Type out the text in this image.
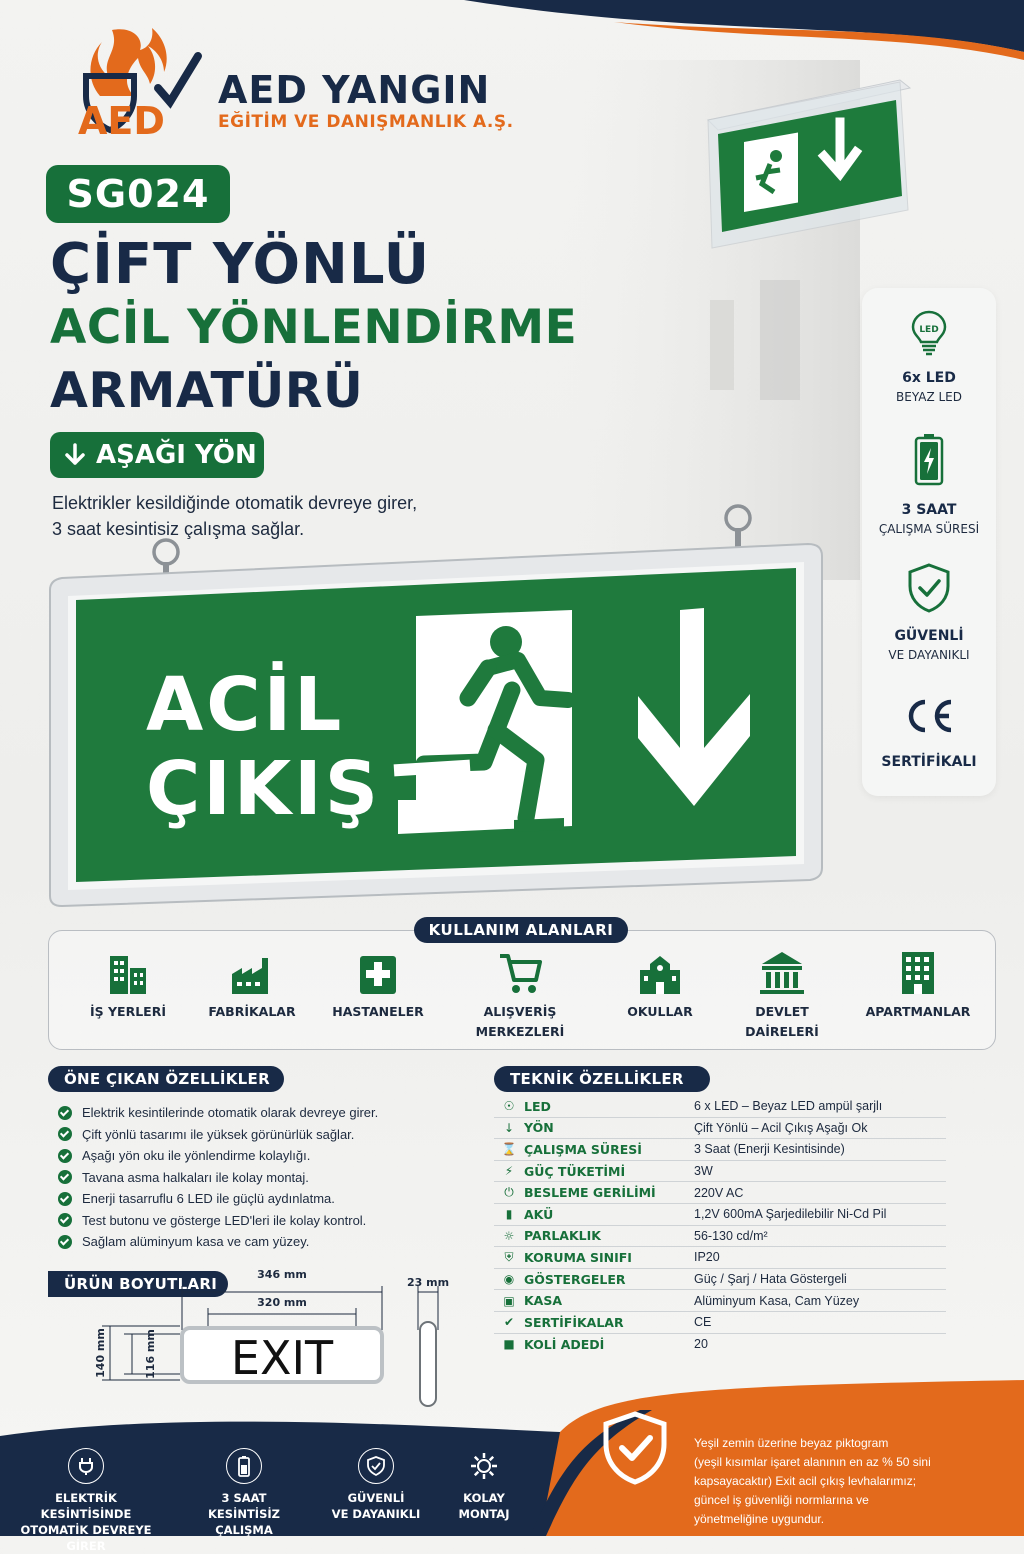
AED
AED YANGIN
EĞİTİM VE DANIŞMANLIK A.Ş.
SG024
ÇİFT YÖNLÜ
ACİL YÖNLENDİRME
ARMATÜRÜ
AŞAĞI YÖN
Elektrikler kesildiğinde otomatik devreye girer,
3 saat kesintisiz çalışma sağlar.
LED
6x LED
BEYAZ LED
3 SAAT
ÇALIŞMA SÜRESİ
GÜVENLİ
VE DAYANIKLI
SERTİFİKALI
ACİL
ÇIKIŞ
KULLANIM ALANLARI
İŞ YERLERİ	FABRİKALAR	HASTANELER	ALIŞVERİŞ
MERKEZLERİ
OKULLAR	DEVLET
DAİRELERİ
APARTMANLAR
ÖNE ÇIKAN ÖZELLİKLER
Elektrik kesintilerinde otomatik olarak devreye girer.
Çift yönlü tasarımı ile yüksek görünürlük sağlar.
Aşağı yön oku ile yönlendirme kolaylığı.
Tavana asma halkaları ile kolay montaj.
Enerji tasarruflu 6 LED ile güçlü aydınlatma.
Test butonu ve gösterge LED'leri ile kolay kontrol.
Sağlam alüminyum kasa ve cam yüzey.
TEKNİK ÖZELLİKLER
☉ LED	6 x LED – Beyaz LED ampül şarjlı
↓ YÖN	Çift Yönlü – Acil Çıkış Aşağı Ok
⌛ ÇALIŞMA SÜRESİ	3 Saat (Enerji Kesintisinde)
⚡ GÜÇ TÜKETİMİ	3W
⏻ BESLEME GERİLİMİ	220V AC
▮ AKÜ	1,2V 600mA Şarjedilebilir Ni-Cd Pil
☼ PARLAKLIK	56-130 cd/m²
⛨ KORUMA SINIFI	IP20
◉ GÖSTERGELER	Güç / Şarj / Hata Göstergeli
▣ KASA	Alüminyum Kasa, Cam Yüzey
✔ SERTİFİKALAR	CE
■ KOLİ ADEDİ	20
ÜRÜN BOYUTLARI
346 mm
320 mm
23 mm
140 mm	116 mm EXIT
ELEKTRİK KESİNTİSİNDE
OTOMATİK DEVREYE GİRER
3 SAAT
KESİNTİSİZ ÇALIŞMA
GÜVENLİ
VE DAYANIKLI
KOLAY
MONTAJ
Yeşil zemin üzerine beyaz piktogram
(yeşil kısımlar işaret alanının en az % 50 sini
kapsayacaktır) Exit acil çıkış levhalarımız;
güncel iş güvenliği normlarına ve
yönetmeliğine uygundur.
